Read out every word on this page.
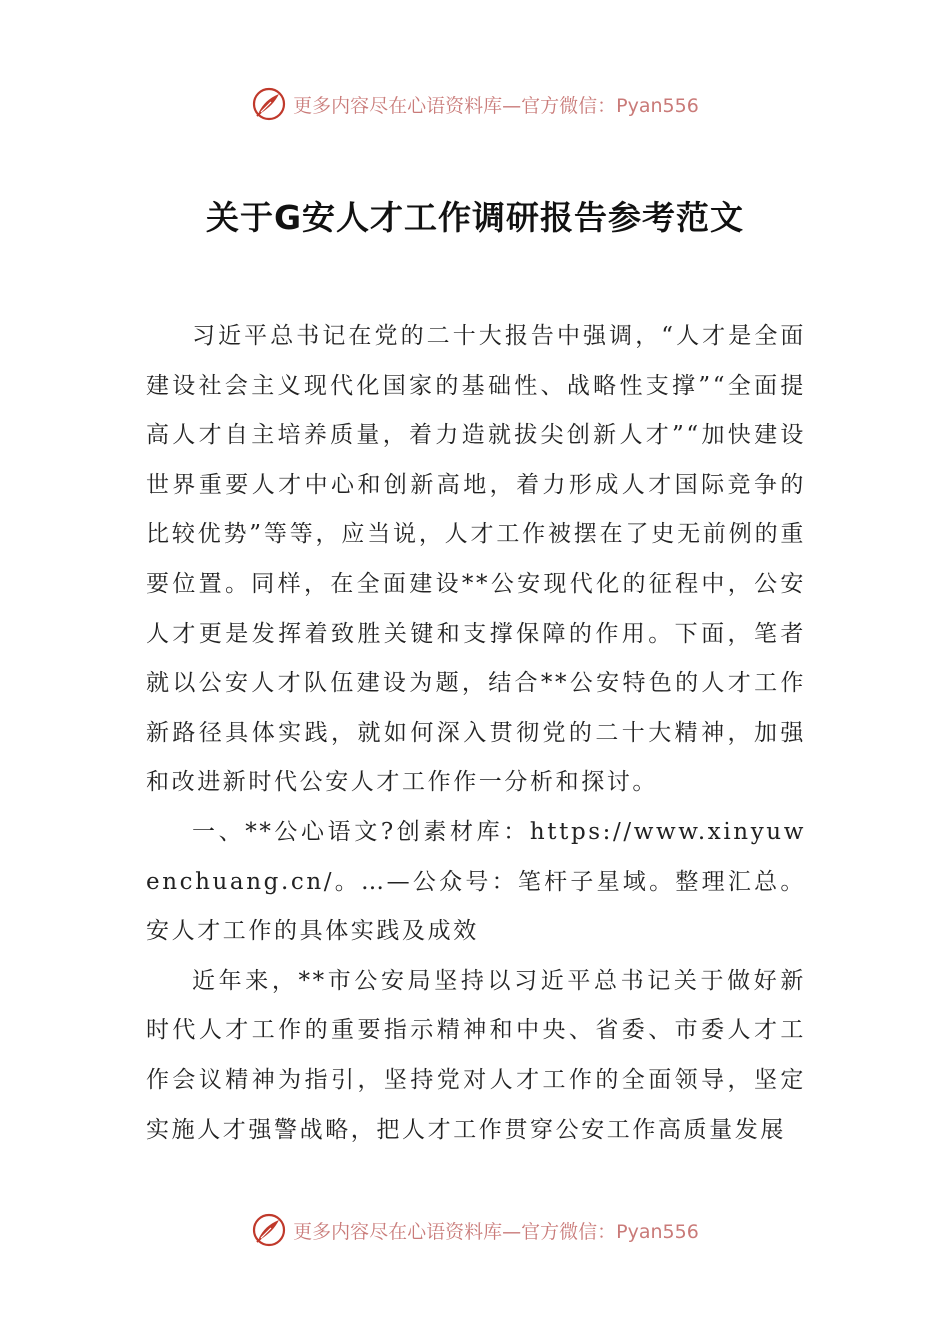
更多内容尽在心语资料库—官方微信：Pyan556
关于G安人才工作调研报告参考范文

习近平总书记在党的二十大报告中强调，“人才是全面建设社会主义现代化国家的基础性、战略性支撑”“全面提高人才自主培养质量，着力造就拔尖创新人才”“加快建设世界重要人才中心和创新高地，着力形成人才国际竞争的比较优势”等等，应当说，人才工作被摆在了史无前例的重要位置。同样，在全面建设**公安现代化的征程中，公安人才更是发挥着致胜关键和支撑保障的作用。下面，笔者就以公安人才队伍建设为题，结合**公安特色的人才工作新路径具体实践，就如何深入贯彻党的二十大精神，加强和改进新时代公安人才工作作一分析和探讨。

一、**公心语文?创素材库：https://www.xinyuwenchuang.cn/。…—公众号：笔杆子星域。整理汇总。安人才工作的具体实践及成效

近年来，**市公安局坚持以习近平总书记关于做好新时代人才工作的重要指示精神和中央、省委、市委人才工作会议精神为指引，坚持党对人才工作的全面领导，坚定实施人才强警战略，把人才工作贯穿公安工作高质量发展

更多内容尽在心语资料库—官方微信：Pyan556
